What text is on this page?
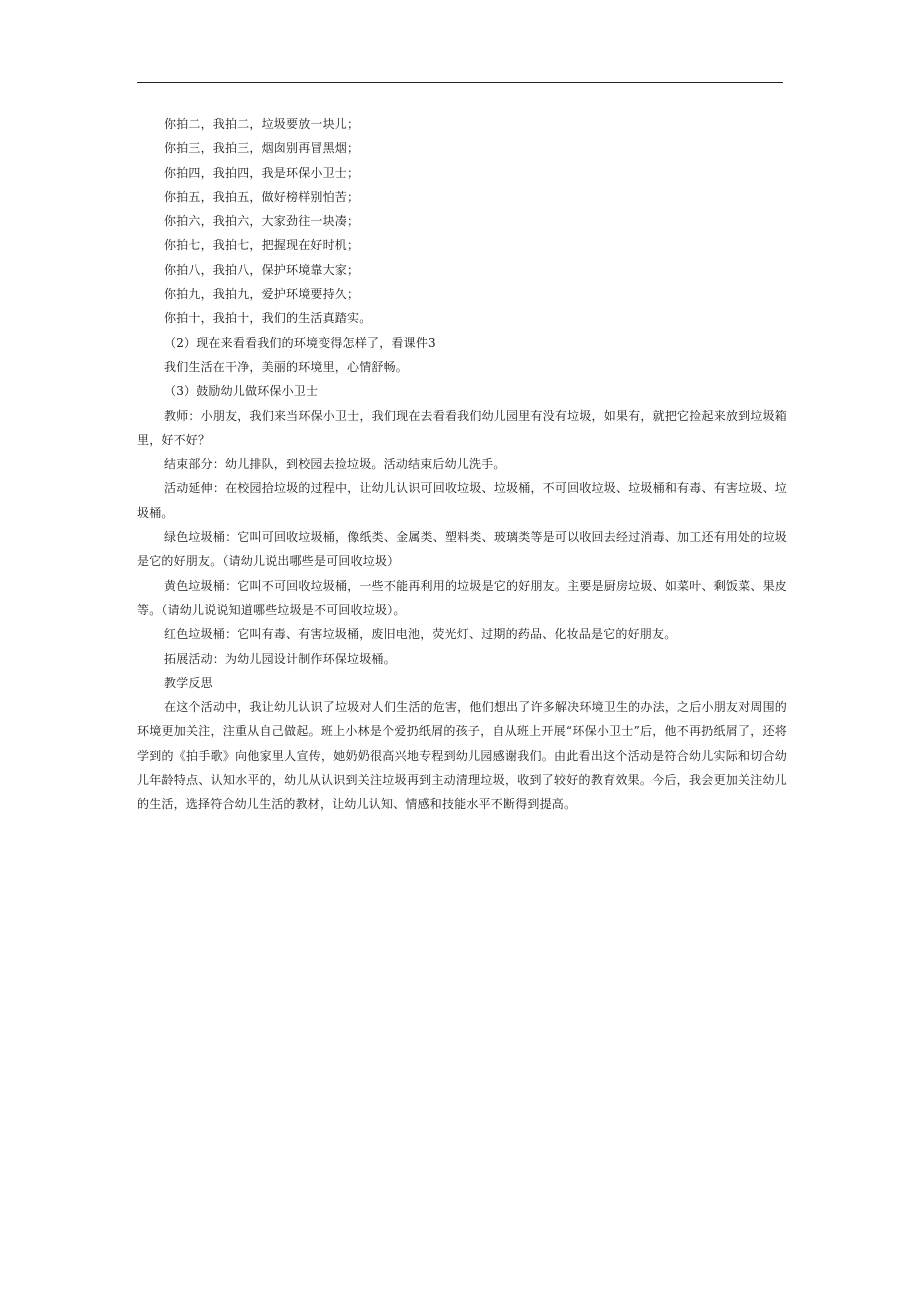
你拍二，我拍二，垃圾要放一块儿；

你拍三，我拍三，烟囱别再冒黑烟；

你拍四，我拍四，我是环保小卫士；

你拍五，我拍五，做好榜样别怕苦；

你拍六，我拍六，大家劲往一块凑；

你拍七，我拍七，把握现在好时机；

你拍八，我拍八，保护环境靠大家；

你拍九，我拍九，爱护环境要持久；

你拍十，我拍十，我们的生活真踏实。

（2）现在来看看我们的环境变得怎样了，看课件3

我们生活在干净，美丽的环境里，心情舒畅。

（3）鼓励幼儿做环保小卫士

教师：小朋友，我们来当环保小卫士，我们现在去看看我们幼儿园里有没有垃圾，如果有，就把它捡起来放到垃圾箱里，好不好？

结束部分：幼儿排队，到校园去捡垃圾。活动结束后幼儿洗手。

活动延伸：在校园拾垃圾的过程中，让幼儿认识可回收垃圾、垃圾桶，不可回收垃圾、垃圾桶和有毒、有害垃圾、垃圾桶。

绿色垃圾桶：它叫可回收垃圾桶，像纸类、金属类、塑料类、玻璃类等是可以收回去经过消毒、加工还有用处的垃圾是它的好朋友。（请幼儿说出哪些是可回收垃圾）

黄色垃圾桶：它叫不可回收垃圾桶，一些不能再利用的垃圾是它的好朋友。主要是厨房垃圾、如菜叶、剩饭菜、果皮等。（请幼儿说说知道哪些垃圾是不可回收垃圾）。

红色垃圾桶：它叫有毒、有害垃圾桶，废旧电池，荧光灯、过期的药品、化妆品是它的好朋友。

拓展活动：为幼儿园设计制作环保垃圾桶。

教学反思

在这个活动中，我让幼儿认识了垃圾对人们生活的危害，他们想出了许多解决环境卫生的办法，之后小朋友对周围的环境更加关注，注重从自己做起。班上小林是个爱扔纸屑的孩子，自从班上开展“环保小卫士”后，他不再扔纸屑了，还将学到的《拍手歌》向他家里人宣传，她奶奶很高兴地专程到幼儿园感谢我们。由此看出这个活动是符合幼儿实际和切合幼儿年龄特点、认知水平的，幼儿从认识到关注垃圾再到主动清理垃圾，收到了较好的教育效果。今后，我会更加关注幼儿的生活，选择符合幼儿生活的教材，让幼儿认知、情感和技能水平不断得到提高。
